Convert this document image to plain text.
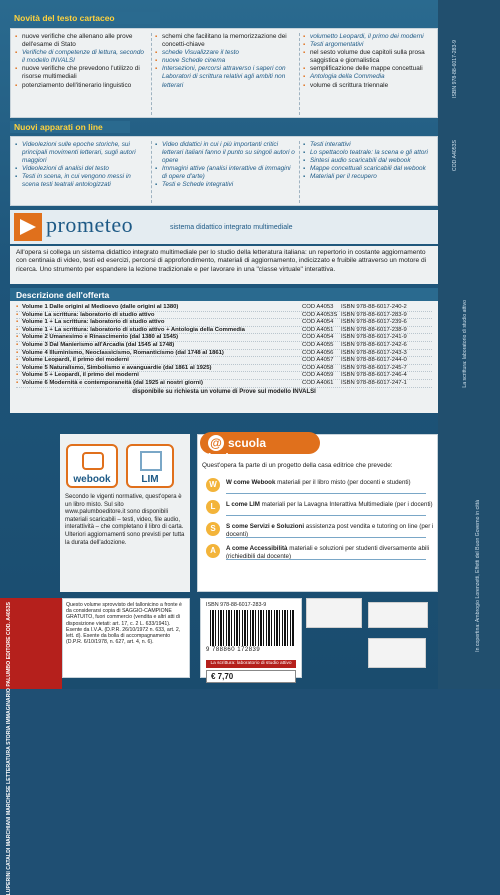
ISBN 978-88-6017-283-9
COD A4053S
La scrittura: laboratorio di studio attivo
In copertina: Ambrogio Lorenzetti, Effetti del Buon Governo in città
Novità del testo cartaceo
▪ nuove verifiche che allenano alle prove dell'esame di Stato
▪ Verifiche di competenze di lettura, secondo il modello INVALSI
▪ nuove verifiche che prevedono l'utilizzo di risorse multimediali
▪ potenziamento dell'itinerario linguistico
▪ schemi che facilitano la memorizzazione dei concetti-chiave
▪ schede Visualizzare il testo
▪ nuove Schede cinema
▪ Intersezioni, percorsi attraverso i saperi con Laboratori di scrittura relativi agli ambiti non letterari
▪ volumetto Leopardi, il primo dei moderni
▪ Testi argomentativi
▪ nel sesto volume due capitoli sulla prosa saggistica e giornalistica
▪ semplificazione delle mappe concettuali
▪ Antologia della Commedia
▪ volume di scrittura triennale
Nuovi apparati on line
▪ Videolezioni sulle epoche storiche, sui principali movimenti letterari, sugli autori maggiori
▪ Videolezioni di analisi del testo
▪ Testi in scena, in cui vengono messi in scena testi teatrali antologizzati
▪ Video didattici in cui i più importanti critici letterari italiani fanno il punto su singoli autori o opere
▪ Immagini attive (analisi interattive di immagini di opere d'arte)
▪ Testi e Schede integrativi
▪ Testi interattivi
▪ Lo spettacolo teatrale: la scena e gli attori
▪ Sintesi audio scaricabili dal webook
▪ Mappe concettuali scaricabili dal webook
▪ Materiali per il recupero
prometeo	sistema didattico integrato multimediale
All'opera si collega un sistema didattico integrato multimediale per lo studio della letteratura italiana: un repertorio in costante aggiornamento con centinaia di video, testi ed esercizi, percorsi di approfondimento, materiali di aggiornamento, indicizzato e fruibile attraverso un motore di ricerca. Uno strumento per espandere la lezione tradizionale e per lavorare in una "classe virtuale" interattiva.
Descrizione dell'offerta
▪ Volume 1 Dalle origini al Medioevo (dalle origini al 1380)	COD A4053 ISBN 978-88-6017-240-2
▪ Volume La scrittura: laboratorio di studio attivo	COD A4053S ISBN 978-88-6017-283-9
▪ Volume 1 + La scrittura: laboratorio di studio attivo	COD A4054 ISBN 978-88-6017-239-6
▪ Volume 1 + La scrittura: laboratorio di studio attivo + Antologia della Commedia	COD A4051 ISBN 978-88-6017-238-9
▪ Volume 2 Umanesimo e Rinascimento (dal 1380 al 1545)	COD A4054 ISBN 978-88-6017-241-9
▪ Volume 3 Dal Manierismo all'Arcadia (dal 1545 al 1748)	COD A4055 ISBN 978-88-6017-242-6
▪ Volume 4 Illuminismo, Neoclassicismo, Romanticismo (dal 1748 al 1861)	COD A4056 ISBN 978-88-6017-243-3
▪ Volume Leopardi, il primo dei moderni	COD A4057 ISBN 978-88-6017-244-0
▪ Volume 5 Naturalismo, Simbolismo e avanguardie (dal 1861 al 1925)	COD A4058 ISBN 978-88-6017-245-7
▪ Volume 5 + Leopardi, il primo dei moderni	COD A4059 ISBN 978-88-6017-246-4
▪ Volume 6 Modernità e contemporaneità (dal 1925 ai nostri giorni)	COD A4061 ISBN 978-88-6017-247-1
disponibile su richiesta un volume di Prove sul modello INVALSI
Secondo le vigenti normative, quest'opera è un libro misto. Sul sito www.palumboeditore.it sono disponibili materiali scaricabili – testi, video, file audio, interattività – che completano il libro di carta. Ulteriori aggiornamenti sono previsti per tutta la durata dell'adozione.
webook	LIM
@ scuola insieme
Quest'opera fa parte di un progetto della casa editrice che prevede:
W	W come Webook materiali per il libro misto (per docenti e studenti)
L	L come LIM materiali per la Lavagna Interattiva Multimediale (per i docenti)
S	S come Servizi e Soluzioni assistenza post vendita e tutoring on line (per i docenti)
A	A come Accessibilità materiali e soluzioni per studenti diversamente abili (richiedibili dal docente)
LUPERINI CATALDI MARCHIANI MARCHESE LETTERATURA STORIA IMMAGINARIO PALUMBO EDITORE COD. A4053S	Questo volume sprovvisto del tallonicino a fronte è da considerarsi copia di SAGGIO-CAMPIONE GRATUITO, fuori commercio (vendita e altri atti di disposizione vietati: art. 17, c. 2 L. 633/1941). Esente da I.V.A. (D.P.R. 26/10/1972 n. 633, art. 2, lett. d). Esente da bolla di accompagnamento (D.P.R. 6/10/1978, n. 627, art. 4, n. 6).
ISBN 978-88-6017-283-9
9 788860 172839
La scrittura: laboratorio di studio attivo
€ 7,70
